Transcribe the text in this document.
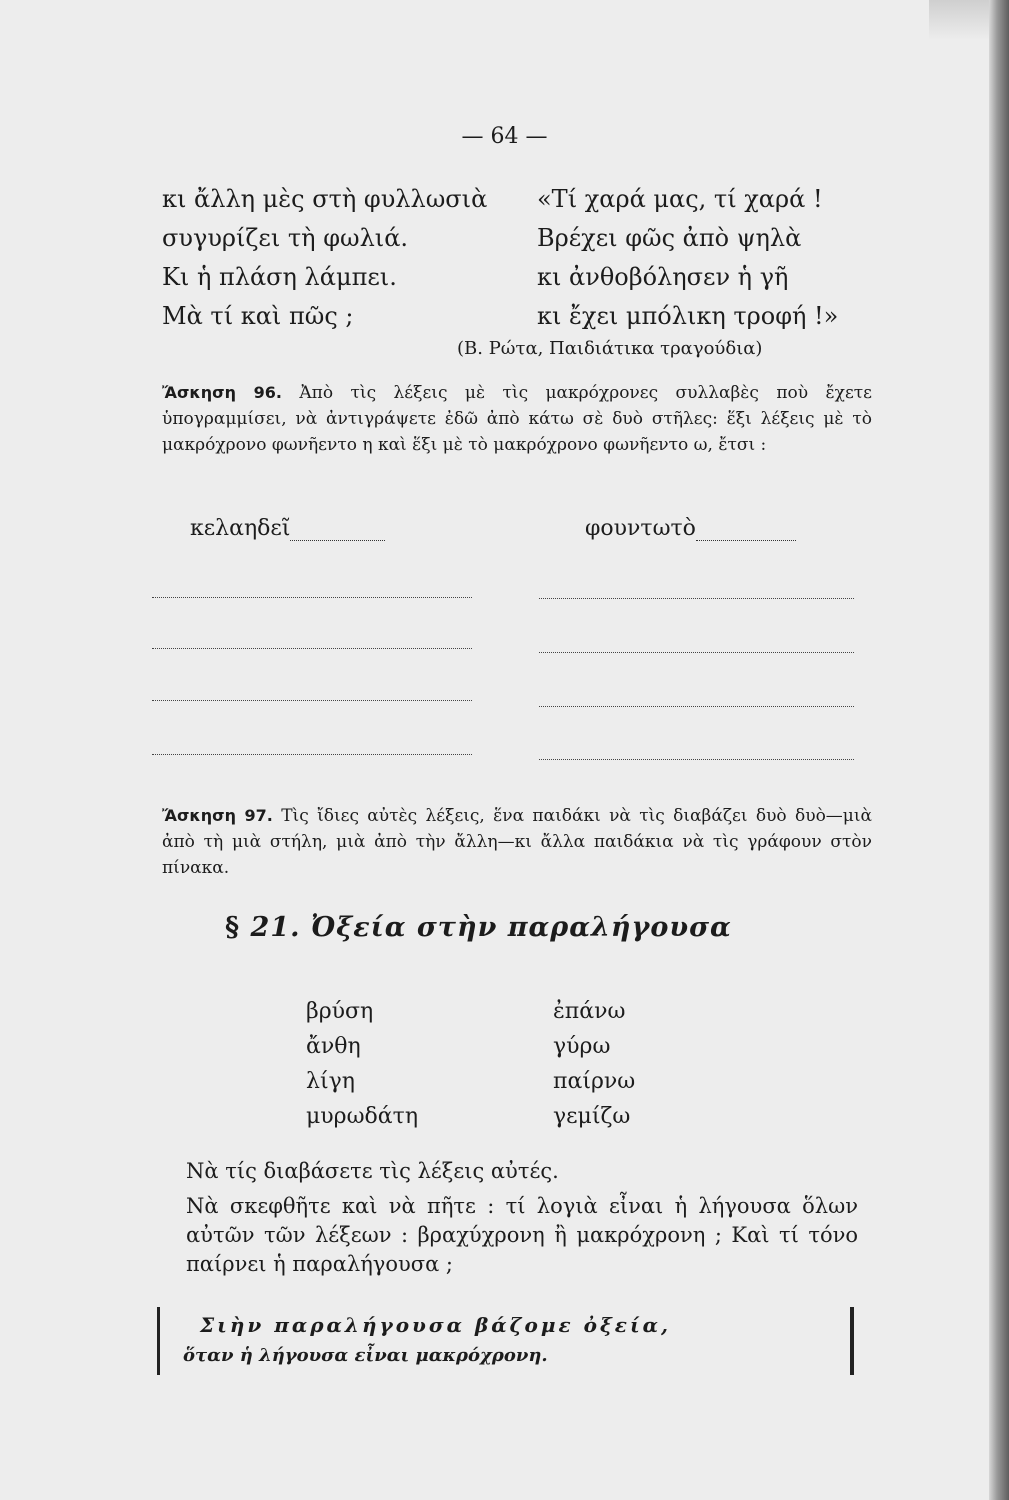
— 64 —
κι ἄλλη μὲς στὴ φυλλωσιὰ
συγυρίζει τὴ φωλιά.
Κι ἡ πλάση λάμπει.
Μὰ τί καὶ πῶς ;
«Τί χαρά μας, τί χαρά !
Βρέχει φῶς ἀπὸ ψηλὰ
κι ἀνθοβόλησεν ἡ γῆ
κι ἔχει μπόλικη τροφή !»
(Β. Ρώτα, Παιδιάτικα τραγούδια)
Ἄσκηση 96. Ἀπὸ τὶς λέξεις μὲ τὶς μακρόχρονες συλλαβὲς ποὺ ἔχετε ὑπογραμμίσει, νὰ ἀντιγράψετε ἐδῶ ἀπὸ κάτω σὲ δυὸ στῆλες: ἕξι λέξεις μὲ τὸ μακρόχρονο φωνῆεντο η καὶ ἕξι μὲ τὸ μακρόχρονο φωνῆεντο ω, ἔτσι :
κελαηδεῖ	φουντωτὸ
Ἄσκηση 97. Τὶς ἴδιες αὐτὲς λέξεις, ἕνα παιδάκι νὰ τὶς διαβάζει δυὸ δυὸ—μιὰ ἀπὸ τὴ μιὰ στήλη, μιὰ ἀπὸ τὴν ἄλλη—κι ἄλλα παιδάκια νὰ τὶς γράφουν στὸν πίνακα.
§ 21. Ὀξεία στὴν παραλήγουσα
βρύση
ἄνθη
λίγη
μυρωδάτη
ἐπάνω
γύρω
παίρνω
γεμίζω
Νὰ τίς διαβάσετε τὶς λέξεις αὐτές.
Νὰ σκεφθῆτε καὶ νὰ πῆτε : τί λογιὰ εἶναι ἡ λήγουσα ὅλων αὐτῶν τῶν λέξεων : βραχύχρονη ἢ μακρόχρονη ; Καὶ τί τόνο παίρνει ἡ παραλήγουσα ;
Σιὴν παραλήγουσα βάζομε ὀξεία,
ὅταν ἡ λήγουσα εἶναι μακρόχρονη.
